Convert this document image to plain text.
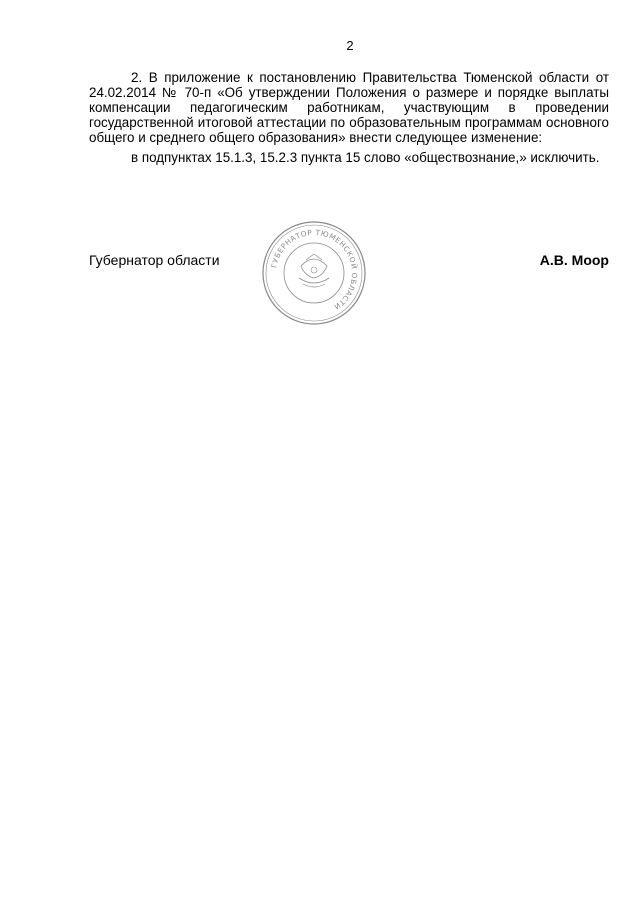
2

2. В приложение к постановлению Правительства Тюменской области от 24.02.2014 № 70-п «Об утверждении Положения о размере и порядке выплаты компенсации педагогическим работникам, участвующим в проведении государственной итоговой аттестации по образовательным программам основного общего и среднего общего образования» внести следующее изменение:

в подпунктах 15.1.3, 15.2.3 пункта 15 слово «обществознание,» исключить.

Губернатор области	А.В. Моор
ГУБЕРНАТОР ТЮМЕНСКОЙ ОБЛАСТИ
